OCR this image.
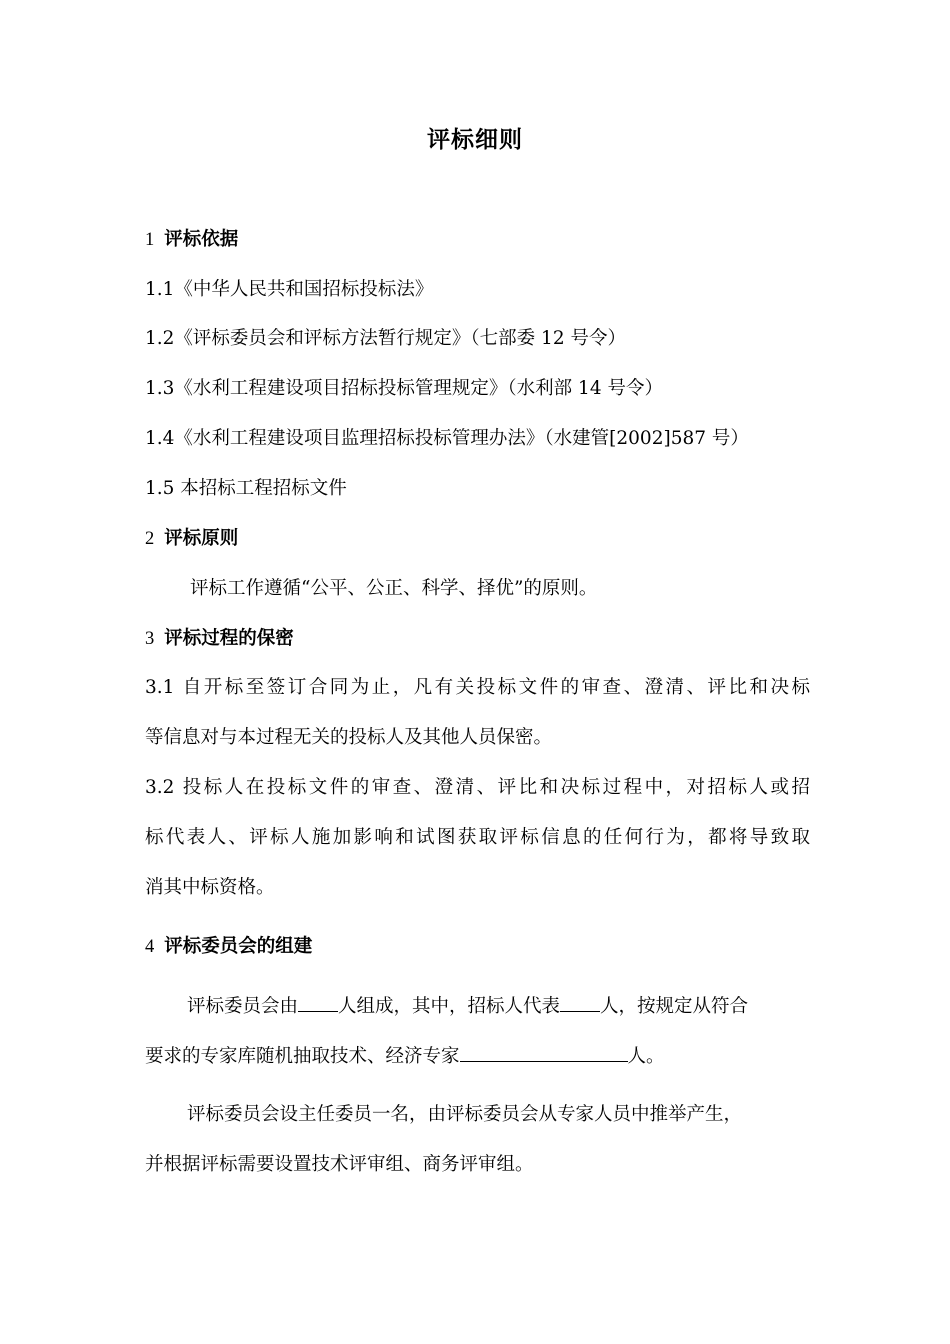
评标细则
1 评标依据
1.1《中华人民共和国招标投标法》
1.2《评标委员会和评标方法暂行规定》（七部委 12 号令）
1.3《水利工程建设项目招标投标管理规定》（水利部 14 号令）
1.4《水利工程建设项目监理招标投标管理办法》（水建管[2002]587 号）
1.5 本招标工程招标文件
2 评标原则
评标工作遵循“公平、公正、科学、择优”的原则。
3 评标过程的保密
3.1 自开标至签订合同为止，凡有关投标文件的审查、澄清、评比和决标
等信息对与本过程无关的投标人及其他人员保密。
3.2 投标人在投标文件的审查、澄清、评比和决标过程中，对招标人或招
标代表人、评标人施加影响和试图获取评标信息的任何行为，都将导致取
消其中标资格。
4 评标委员会的组建
评标委员会由 人组成，其中，招标人代表 人，按规定从符合
要求的专家库随机抽取技术、经济专家	人。
评标委员会设主任委员一名，由评标委员会从专家人员中推举产生，
并根据评标需要设置技术评审组、商务评审组。
